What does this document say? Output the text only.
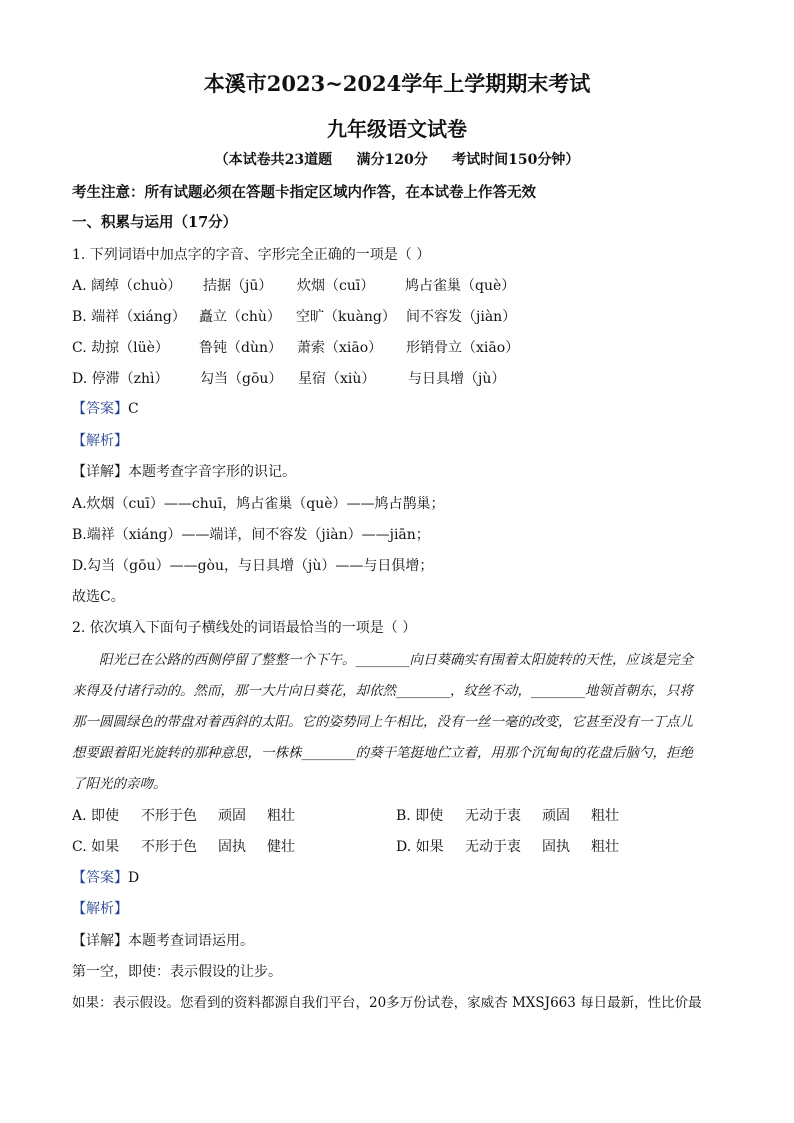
本溪市2023~2024学年上学期期末考试
九年级语文试卷
（本试卷共23道题     满分120分     考试时间150分钟）
考生注意：所有试题必须在答题卡指定区域内作答，在本试卷上作答无效
一、积累与运用（17分）
1. 下列词语中加点字的字音、字形完全正确的一项是（ ）
A. 阔绰（chuò） 拮据（jū） 炊烟（cuī） 鸠占雀巢（què）
B. 端祥（xiáng） 矗立（chù） 空旷（kuàng） 间不容发（jiàn）
C. 劫掠（lüè） 鲁钝（dùn） 萧索（xiāo） 形销骨立（xiāo）
D. 停滞（zhì） 勾当（gōu） 星宿（xiù） 与日具增（jù）
【答案】C
【解析】
【详解】本题考查字音字形的识记。
A.炊烟（cuī）——chuī，鸠占雀巢（què）——鸠占鹊巢；
B.端祥（xiáng）——端详，间不容发（jiàn）——jiān；
D.勾当（gōu）——gòu，与日具增（jù）——与日俱增；
故选C。
2. 依次填入下面句子横线处的词语最恰当的一项是（ ）

阳光已在公路的西侧停留了整整一个下午。________向日葵确实有围着太阳旋转的天性，应该是完全

来得及付诸行动的。然而，那一大片向日葵花，却依然________，纹丝不动，________地领首朝东，只将

那一圆圆绿色的带盘对着西斜的太阳。它的姿势同上午相比，没有一丝一毫的改变，它甚至没有一丁点儿

想要跟着阳光旋转的那种意思，一株株________的葵干笔挺地伫立着，用那个沉甸甸的花盘后脑勺，拒绝

了阳光的亲吻。

A. 即使 不形于色 顽固 粗壮	B. 即使 无动于衷 顽固 粗壮
C. 如果 不形于色 固执 健壮	D. 如果 无动于衷 固执 粗壮
【答案】D
【解析】
【详解】本题考查词语运用。
第一空，即使：表示假设的让步。
如果：表示假设。您看到的资料都源自我们平台，20多万份试卷，家威杏 MXSJ663 每日最新，性比价最
